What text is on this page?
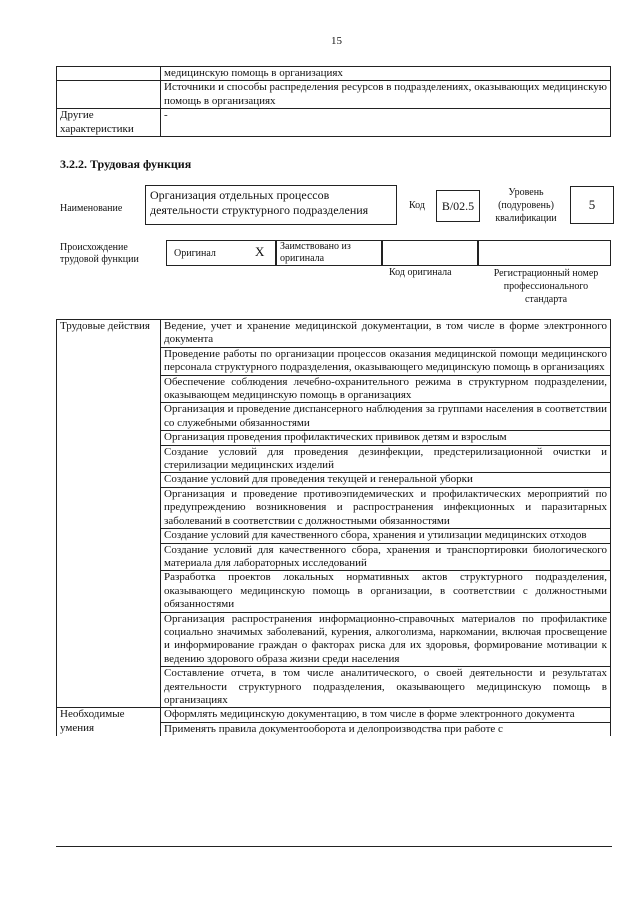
15
	медицинскую помощь в организациях
	Источники и способы распределения ресурсов в подразделениях, оказывающих медицинскую помощь в организациях
Другие характеристики	-
3.2.2. Трудовая функция
Наименование
Организация отдельных процессов деятельности структурного подразделения	Код	B/02.5
Уровень (подуровень) квалификации
5
Происхождение трудовой функции
Оригинал	X Заимствовано из оригинала
Код оригинала	Регистрационный номер профессионального стандарта
Трудовые действия	Ведение, учет и хранение медицинской документации, в том числе в форме электронного документа
	Проведение работы по организации процессов оказания медицинской помощи медицинского персонала структурного подразделения, оказывающего медицинскую помощь в организациях
	Обеспечение соблюдения лечебно-охранительного режима в структурном подразделении, оказывающем медицинскую помощь в организациях
	Организация и проведение диспансерного наблюдения за группами населения в соответствии со служебными обязанностями
	Организация проведения профилактических прививок детям и взрослым
	Создание условий для проведения дезинфекции, предстерилизационной очистки и стерилизации медицинских изделий
	Создание условий для проведения текущей и генеральной уборки
	Организация и проведение противоэпидемических и профилактических мероприятий по предупреждению возникновения и распространения инфекционных и паразитарных заболеваний в соответствии с должностными обязанностями
	Создание условий для качественного сбора, хранения и утилизации медицинских отходов
	Создание условий для качественного сбора, хранения и транспортировки биологического материала для лабораторных исследований
	Разработка проектов локальных нормативных актов структурного подразделения, оказывающего медицинскую помощь в организации, в соответствии с должностными обязанностями
	Организация распространения информационно-справочных материалов по профилактике социально значимых заболеваний, курения, алкоголизма, наркомании, включая просвещение и информирование граждан о факторах риска для их здоровья, формирование мотивации к ведению здорового образа жизни среди населения
	Составление отчета, в том числе аналитического, о своей деятельности и результатах деятельности структурного подразделения, оказывающего медицинскую помощь в организациях
Необходимые умения	Оформлять медицинскую документацию, в том числе в форме электронного документа
	Применять правила документооборота и делопроизводства при работе с
